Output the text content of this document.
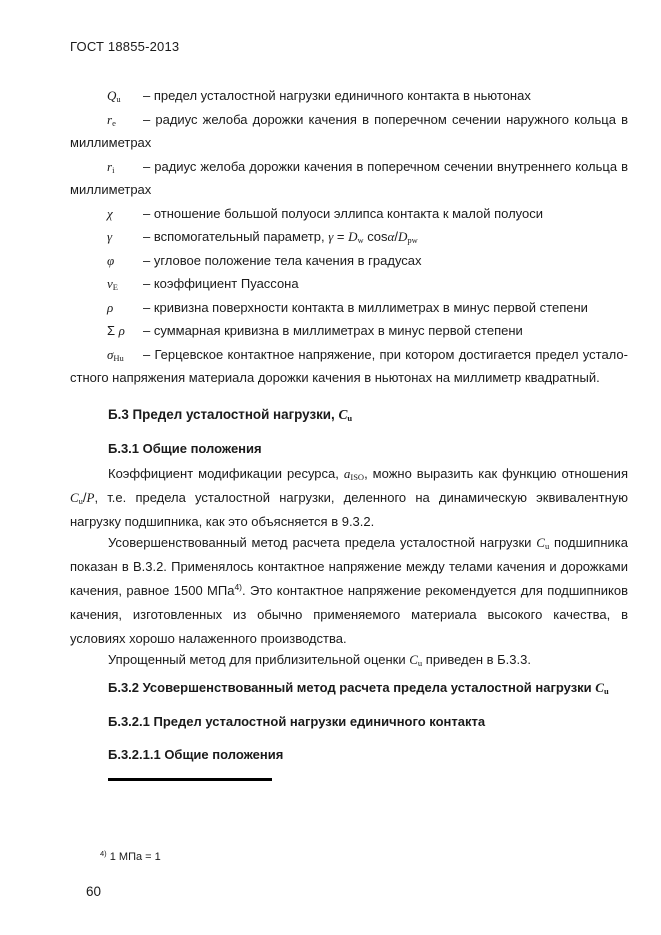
ГОСТ 18855-2013

$Q_u$ – предел усталостной нагрузки единичного контакта в ньютонах

$r_e$ – радиус желоба дорожки качения в поперечном сечении наружного кольца в миллиметрах

$r_i$ – радиус желоба дорожки качения в поперечном сечении внутреннего кольца в миллиметрах

χ – отношение большой полуоси эллипса контакта к малой полуоси

γ – вспомогательный параметр, $\gamma = D_w$ cosα/$D_{pw}$

φ – угловое положение тела качения в градусах

$\nu_E$ – коэффициент Пуассона

ρ – кривизна поверхности контакта в миллиметрах в минус первой степени

Σ ρ – суммарная кривизна в миллиметрах в минус первой степени

$\sigma_{Hu}$ – Герцевское контактное напряжение, при котором достигается предел усталостного напряжения материала дорожки качения в ньютонах на миллиметр квадратный.

Б.3 Предел усталостной нагрузки, $C_u$

Б.3.1 Общие положения

Коэффициент модификации ресурса, $a_{ISO}$, можно выразить как функцию отношения $C_u/P$, т.е. предела усталостной нагрузки, деленного на динамическую эквивалентную нагрузку подшипника, как это объясняется в 9.3.2.

Усовершенствованный метод расчета предела усталостной нагрузки $C_u$ подшипника показан в В.3.2. Применялось контактное напряжение между телами качения и дорожками качения, равное 1500 МПа$^{4)}$. Это контактное напряжение рекомендуется для подшипников качения, изготовленных из обычно применяемого материала высокого качества, в условиях хорошо налаженного производства.

Упрощенный метод для приблизительной оценки $C_u$ приведен в Б.3.3.

Б.3.2 Усовершенствованный метод расчета предела усталостной нагрузки $C_u$

Б.3.2.1 Предел усталостной нагрузки единичного контакта

Б.3.2.1.1 Общие положения

$^{4)}$ 1 МПа = 1
60
